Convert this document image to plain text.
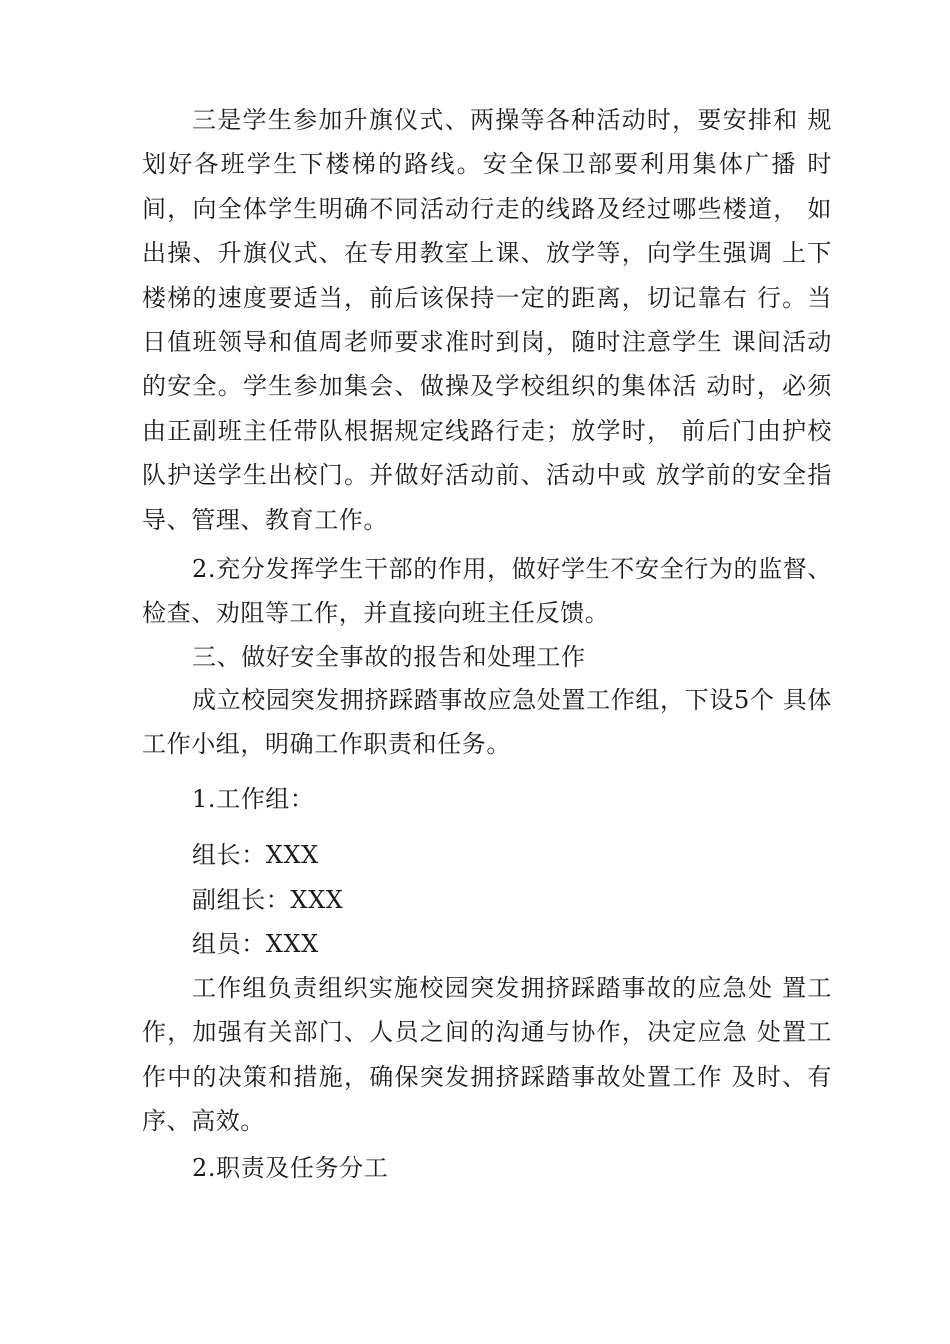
三是学生参加升旗仪式、两操等各种活动时，要安排和 规划好各班学生下楼梯的路线。安全保卫部要利用集体广播 时间，向全体学生明确不同活动行走的线路及经过哪些楼道， 如出操、升旗仪式、在专用教室上课、放学等，向学生强调 上下楼梯的速度要适当，前后该保持一定的距离，切记靠右 行。当日值班领导和值周老师要求准时到岗，随时注意学生 课间活动的安全。学生参加集会、做操及学校组织的集体活 动时，必须由正副班主任带队根据规定线路行走；放学时， 前后门由护校队护送学生出校门。并做好活动前、活动中或 放学前的安全指导、管理、教育工作。

2.充分发挥学生干部的作用，做好学生不安全行为的监督、检查、劝阻等工作，并直接向班主任反馈。

三、做好安全事故的报告和处理工作

成立校园突发拥挤踩踏事故应急处置工作组，下设5个 具体工作小组，明确工作职责和任务。

1.工作组：

组长：XXX

副组长：XXX

组员：XXX

工作组负责组织实施校园突发拥挤踩踏事故的应急处 置工作，加强有关部门、人员之间的沟通与协作，决定应急 处置工作中的决策和措施，确保突发拥挤踩踏事故处置工作 及时、有序、高效。

2.职责及任务分工
